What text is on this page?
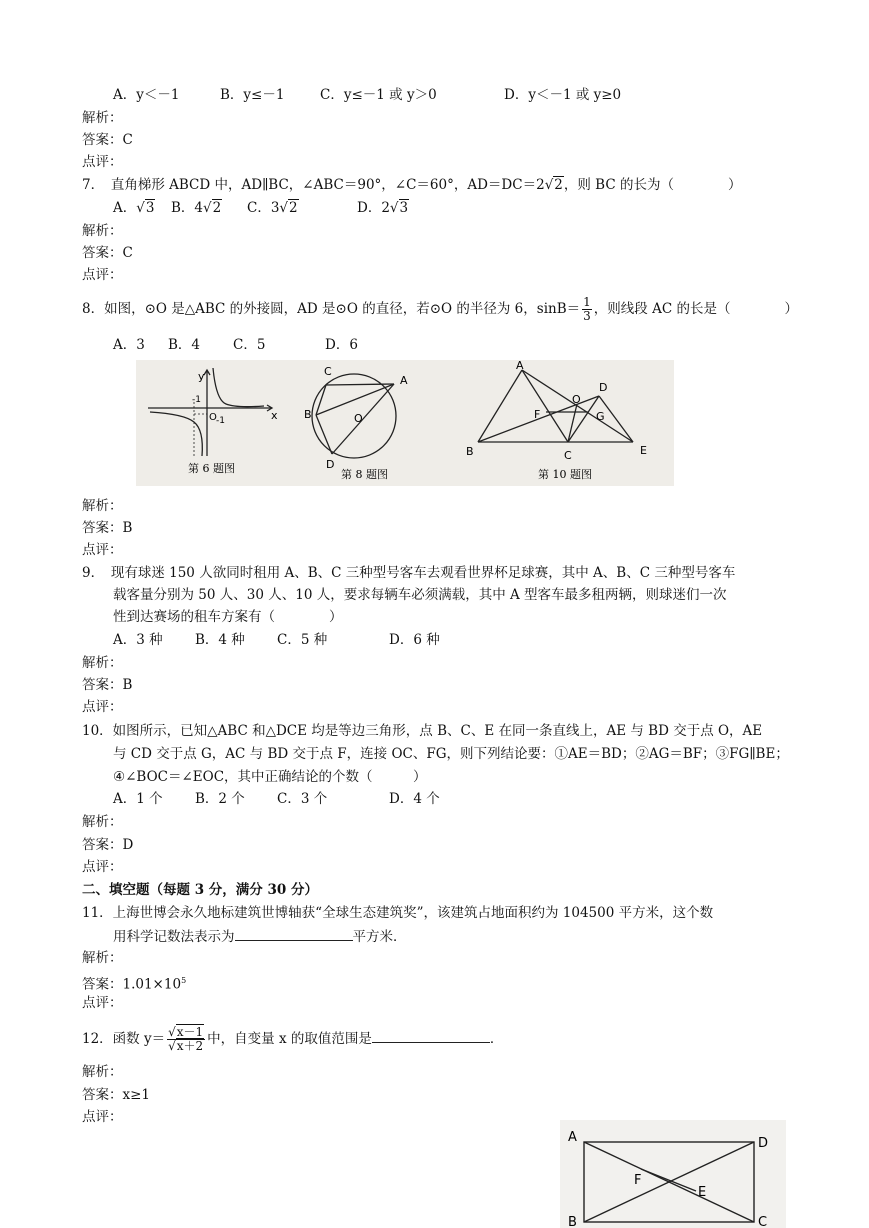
A．y＜－1	B．y≤－1	C．y≤－1 或 y＞0	D．y＜－1 或 y≥0
解析：
答案：C
点评：
7．　直角梯形 ABCD 中，AD∥BC，∠ABC＝90°，∠C＝60°，AD＝DC＝2√2，则 BC 的长为（　　　　）
A．√3 B．4√2 C．3√2	D．2√3
解析：
答案：C
点评：
8．如图，⊙O 是△ABC 的外接圆，AD 是⊙O 的直径，若⊙O 的半径为 6，$\sin B= \frac{1}{3}$ ，则线段 AC 的长是（　　　　）
A．3 B．4 C．5	D．6
y
x
O
-1
-1
第 6 题图
C
A
B	O
D
第 8 题图
A
D
O
F	G
B	C	E
第 10 题图
解析：
答案：B
点评：
9．　现有球迷 150 人欲同时租用 A、B、C 三种型号客车去观看世界杯足球赛，其中 A、B、C 三种型号客车
载客量分别为 50 人、30 人、10 人，要求每辆车必须满载，其中 A 型客车最多租两辆，则球迷们一次
性到达赛场的租车方案有（　　　　）
A．3 种 B．4 种 C．5 种	D．6 种
解析：
答案：B
点评：
10．如图所示，已知△ABC 和△DCE 均是等边三角形，点 B、C、E 在同一条直线上，AE 与 BD 交于点 O，AE
与 CD 交于点 G，AC 与 BD 交于点 F，连接 OC、FG，则下列结论要：①AE＝BD；②AG＝BF；③FG∥BE；
④∠BOC＝∠EOC，其中正确结论的个数（　　　）
A．1 个 B．2 个 C．3 个	D．4 个
解析：
答案：D
点评：
二、填空题（每题 3 分，满分 30 分）
11．上海世博会永久地标建筑世博轴获“全球生态建筑奖”，该建筑占地面积约为 104500 平方米，这个数
用科学记数法表示为	平方米．
解析：
答案：$1.01\times 10^5$
点评：
12．函数 $y= \frac{√x-1}{√x+2}$ 中，自变量 x 的取值范围是	．
解析：
答案：x≥1
点评：
A	D
F
E
B	C
